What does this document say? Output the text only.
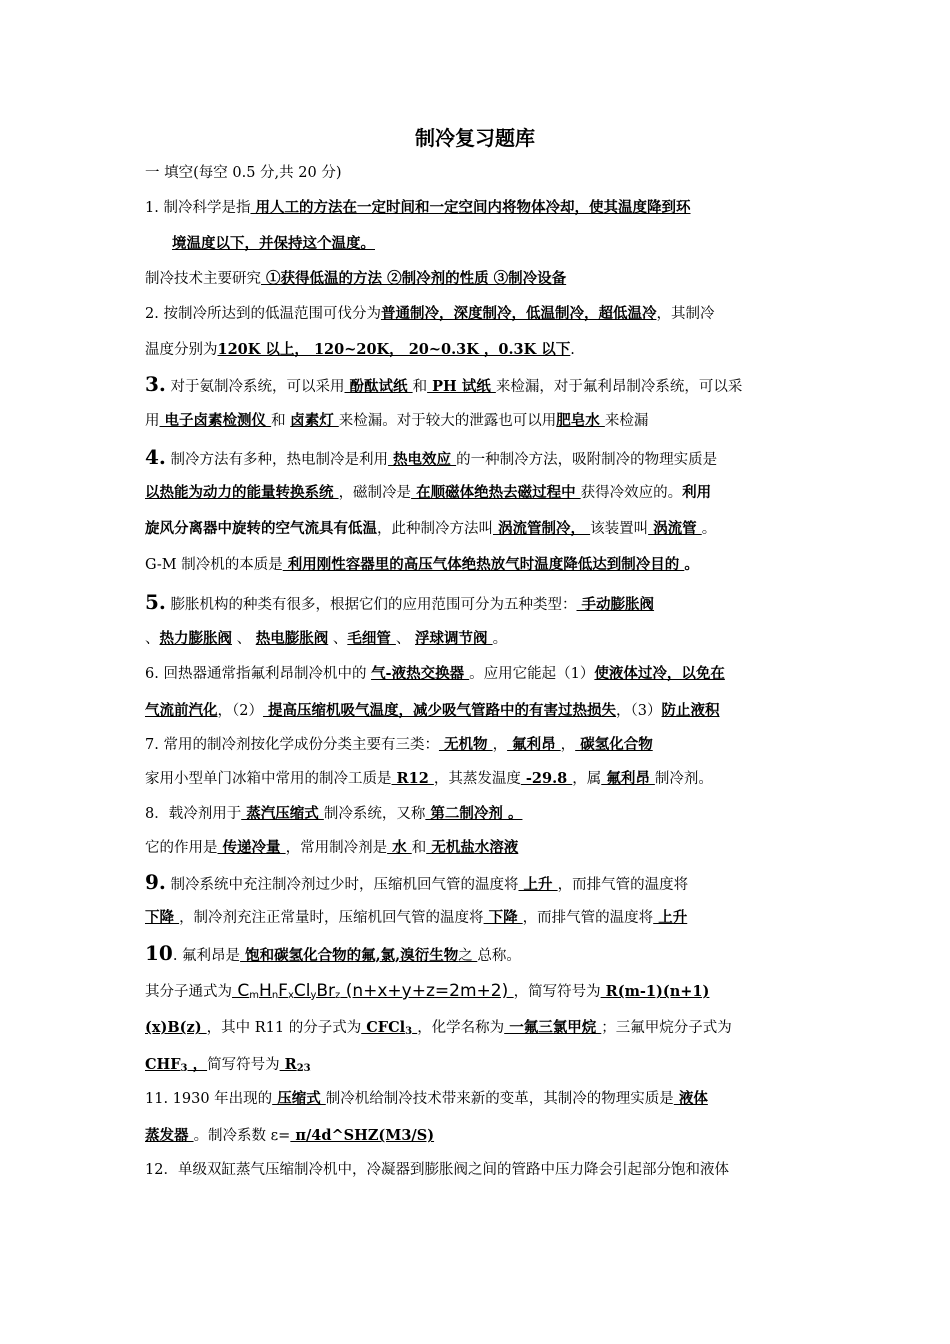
制冷复习题库
一 填空(每空 0.5 分,共 20 分)
1. 制冷科学是指 用人工的方法在一定时间和一定空间内将物体冷却，使其温度降到环
境温度以下，并保持这个温度。
制冷技术主要研究 ①获得低温的方法 ②制冷剂的性质 ③制冷设备
2. 按制冷所达到的低温范围可伐分为普通制冷，深度制冷，低温制冷，超低温冷，其制冷
温度分别为120K 以上， 120~20K， 20~0.3K ，0.3K 以下.
3. 对于氨制冷系统，可以采用 酚酞试纸 和 PH 试纸 来检漏，对于氟利昂制冷系统，可以采
用 电子卤素检测仪 和 卤素灯 来检漏。对于较大的泄露也可以用肥皂水 来检漏
4. 制冷方法有多种，热电制冷是利用 热电效应 的一种制冷方法，吸附制冷的物理实质是
以热能为动力的能量转换系统 ，磁制冷是 在顺磁体绝热去磁过程中 获得冷效应的。利用
旋风分离器中旋转的空气流具有低温，此种制冷方法叫 涡流管制冷， 该装置叫 涡流管 。
G-M 制冷机的本质是 利用刚性容器里的高压气体绝热放气时温度降低达到制冷目的 。
5. 膨胀机构的种类有很多，根据它们的应用范围可分为五种类型： 手动膨胀阀
、热力膨胀阀 、 热电膨胀阀 、毛细管 、 浮球调节阀 。
6. 回热器通常指氟利昂制冷机中的 气-液热交换器 。应用它能起（1）使液体过冷，以免在
气流前汽化，（2） 提高压缩机吸气温度，减少吸气管路中的有害过热损失，（3）防止液积
7. 常用的制冷剂按化学成份分类主要有三类： 无机物 ， 氟利昂 ， 碳氢化合物
家用小型单门冰箱中常用的制冷工质是 R12 ，其蒸发温度 -29.8 ，属 氟利昂 制冷剂。
8．载冷剂用于 蒸汽压缩式 制冷系统，又称 第二制冷剂 。
它的作用是 传递冷量 ，常用制冷剂是 水 和 无机盐水溶液
9. 制冷系统中充注制冷剂过少时，压缩机回气管的温度将 上升 ，而排气管的温度将
下降 ，制冷剂充注正常量时，压缩机回气管的温度将 下降 ，而排气管的温度将 上升
10. 氟利昂是 饱和碳氢化合物的氟,氯,溴衍生物之 总称。
其分子通式为 $C_mH_nF_xCl_yBr_z$ (n+x+y+z=2m+2) ，简写符号为 R(m-1)(n+1)
(x)B(z) ，其中 R11 的分子式为 CFCl$_3$ ，化学名称为 一氟三氯甲烷 ；三氟甲烷分子式为
$CHF_3$ ，简写符号为 $R_{23}$
11. 1930 年出现的 压缩式 制冷机给制冷技术带来新的变革，其制冷的物理实质是 液体
蒸发器 。制冷系数 ε= π/4d^SHZ(M3/S)
12．单级双缸蒸气压缩制冷机中，冷凝器到膨胀阀之间的管路中压力降会引起部分饱和液体
